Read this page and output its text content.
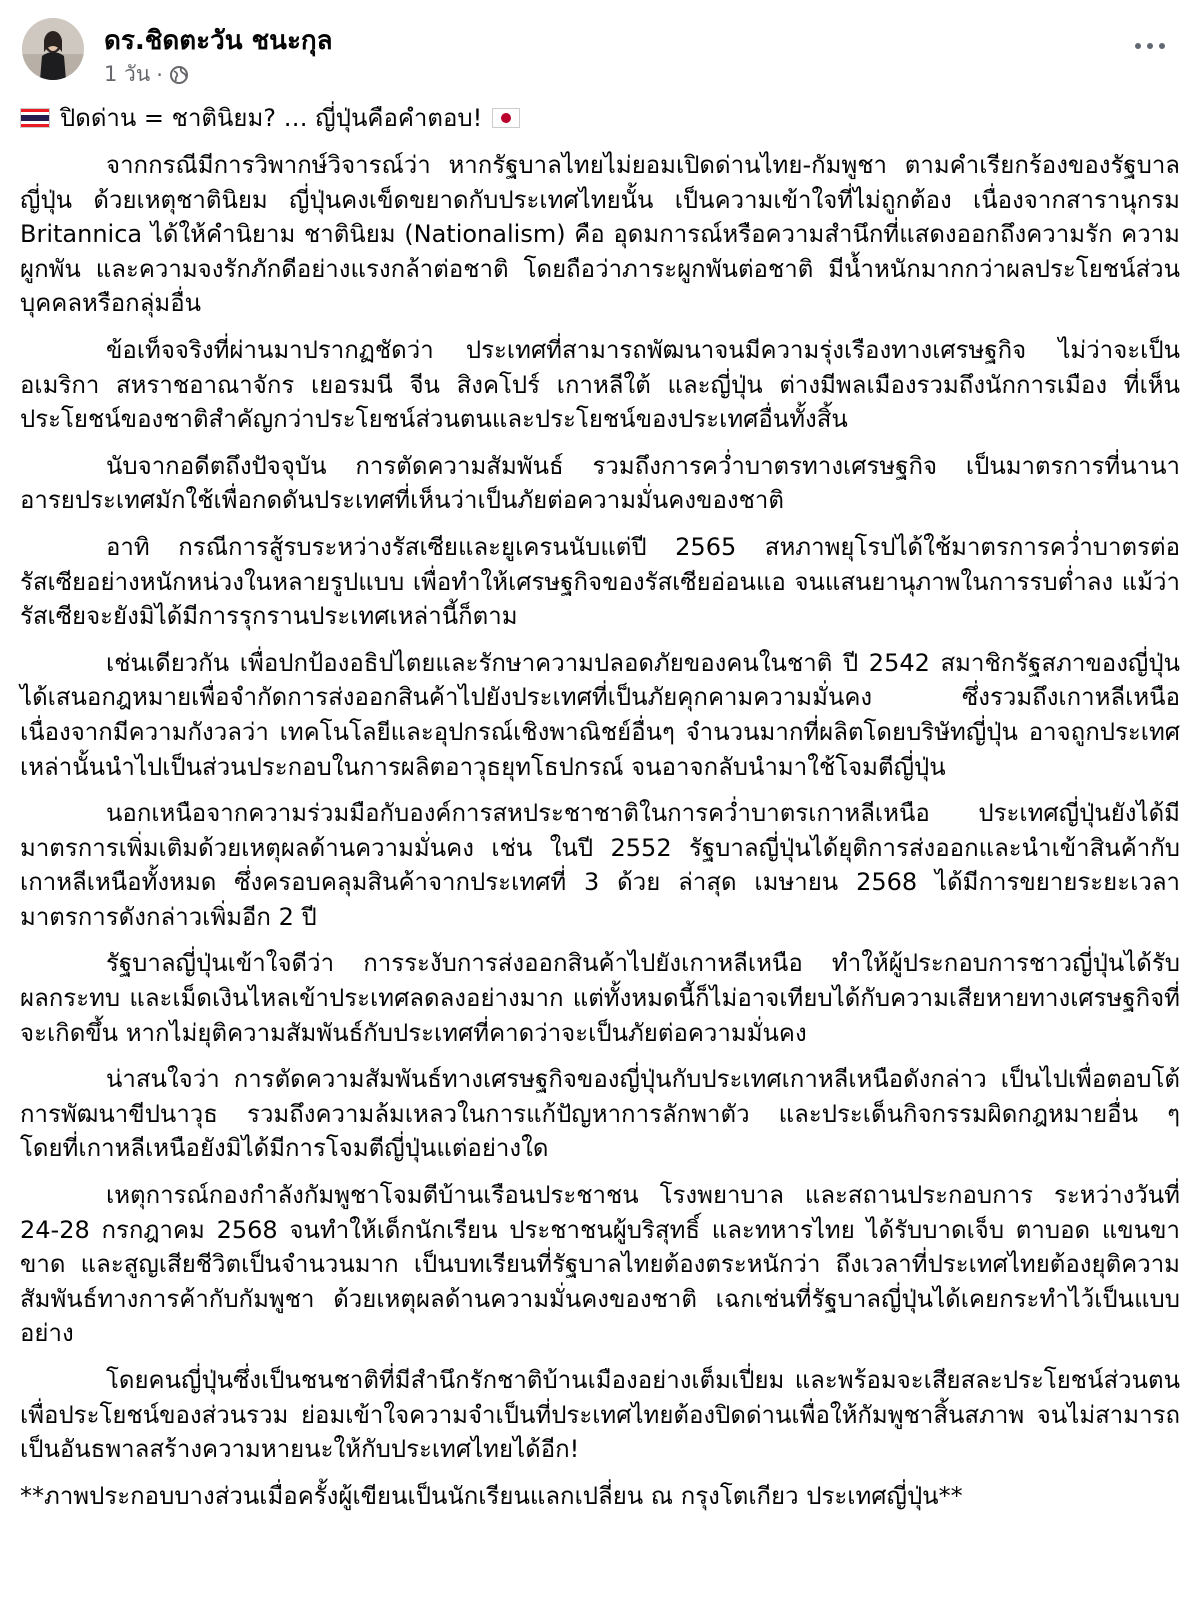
ดร.ชิดตะวัน ชนะกุล
1 วัน ·
ปิดด่าน = ชาตินิยม? … ญี่ปุ่นคือคำตอบ!

จากกรณีมีการวิพากษ์วิจารณ์ว่า หากรัฐบาลไทยไม่ยอมเปิดด่านไทย-กัมพูชา ตามคำเรียกร้องของรัฐบาลญี่ปุ่น ด้วยเหตุชาตินิยม ญี่ปุ่นคงเข็ดขยาดกับประเทศไทยนั้น เป็นความเข้าใจที่ไม่ถูกต้อง เนื่องจากสารานุกรม Britannica ได้ให้คำนิยาม ชาตินิยม (Nationalism) คือ อุดมการณ์หรือความสำนึกที่แสดงออกถึงความรัก ความผูกพัน และความจงรักภักดีอย่างแรงกล้าต่อชาติ โดยถือว่าภาระผูกพันต่อชาติ มีน้ำหนักมากกว่าผลประโยชน์ส่วนบุคคลหรือกลุ่มอื่น

ข้อเท็จจริงที่ผ่านมาปรากฏชัดว่า ประเทศที่สามารถพัฒนาจนมีความรุ่งเรืองทางเศรษฐกิจ ไม่ว่าจะเป็นอเมริกา สหราชอาณาจักร เยอรมนี จีน สิงคโปร์ เกาหลีใต้ และญี่ปุ่น ต่างมีพลเมืองรวมถึงนักการเมือง ที่เห็นประโยชน์ของชาติสำคัญกว่าประโยชน์ส่วนตนและประโยชน์ของประเทศอื่นทั้งสิ้น

นับจากอดีตถึงปัจจุบัน การตัดความสัมพันธ์ รวมถึงการคว่ำบาตรทางเศรษฐกิจ เป็นมาตรการที่นานาอารยประเทศมักใช้เพื่อกดดันประเทศที่เห็นว่าเป็นภัยต่อความมั่นคงของชาติ

อาทิ กรณีการสู้รบระหว่างรัสเซียและยูเครนนับแต่ปี 2565 สหภาพยุโรปได้ใช้มาตรการคว่ำบาตรต่อรัสเซียอย่างหนักหน่วงในหลายรูปแบบ เพื่อทำให้เศรษฐกิจของรัสเซียอ่อนแอ จนแสนยานุภาพในการรบต่ำลง แม้ว่ารัสเซียจะยังมิได้มีการรุกรานประเทศเหล่านี้ก็ตาม

เช่นเดียวกัน เพื่อปกป้องอธิปไตยและรักษาความปลอดภัยของคนในชาติ ปี 2542 สมาชิกรัฐสภาของญี่ปุ่นได้เสนอกฎหมายเพื่อจำกัดการส่งออกสินค้าไปยังประเทศที่เป็นภัยคุกคามความมั่นคง ซึ่งรวมถึงเกาหลีเหนือ เนื่องจากมีความกังวลว่า เทคโนโลยีและอุปกรณ์เชิงพาณิชย์อื่นๆ จำนวนมากที่ผลิตโดยบริษัทญี่ปุ่น อาจถูกประเทศเหล่านั้นนำไปเป็นส่วนประกอบในการผลิตอาวุธยุทโธปกรณ์ จนอาจกลับนำมาใช้โจมตีญี่ปุ่น

นอกเหนือจากความร่วมมือกับองค์การสหประชาชาติในการคว่ำบาตรเกาหลีเหนือ ประเทศญี่ปุ่นยังได้มีมาตรการเพิ่มเติมด้วยเหตุผลด้านความมั่นคง เช่น ในปี 2552 รัฐบาลญี่ปุ่นได้ยุติการส่งออกและนำเข้าสินค้ากับเกาหลีเหนือทั้งหมด ซึ่งครอบคลุมสินค้าจากประเทศที่ 3 ด้วย ล่าสุด เมษายน 2568 ได้มีการขยายระยะเวลามาตรการดังกล่าวเพิ่มอีก 2 ปี

รัฐบาลญี่ปุ่นเข้าใจดีว่า การระงับการส่งออกสินค้าไปยังเกาหลีเหนือ ทำให้ผู้ประกอบการชาวญี่ปุ่นได้รับผลกระทบ และเม็ดเงินไหลเข้าประเทศลดลงอย่างมาก แต่ทั้งหมดนี้ก็ไม่อาจเทียบได้กับความเสียหายทางเศรษฐกิจที่จะเกิดขึ้น หากไม่ยุติความสัมพันธ์กับประเทศที่คาดว่าจะเป็นภัยต่อความมั่นคง

น่าสนใจว่า การตัดความสัมพันธ์ทางเศรษฐกิจของญี่ปุ่นกับประเทศเกาหลีเหนือดังกล่าว เป็นไปเพื่อตอบโต้การพัฒนาขีปนาวุธ รวมถึงความล้มเหลวในการแก้ปัญหาการลักพาตัว และประเด็นกิจกรรมผิดกฎหมายอื่น ๆ โดยที่เกาหลีเหนือยังมิได้มีการโจมตีญี่ปุ่นแต่อย่างใด

เหตุการณ์กองกำลังกัมพูชาโจมตีบ้านเรือนประชาชน โรงพยาบาล และสถานประกอบการ ระหว่างวันที่ 24-28 กรกฎาคม 2568 จนทำให้เด็กนักเรียน ประชาชนผู้บริสุทธิ์ และทหารไทย ได้รับบาดเจ็บ ตาบอด แขนขาขาด และสูญเสียชีวิตเป็นจำนวนมาก เป็นบทเรียนที่รัฐบาลไทยต้องตระหนักว่า ถึงเวลาที่ประเทศไทยต้องยุติความสัมพันธ์ทางการค้ากับกัมพูชา ด้วยเหตุผลด้านความมั่นคงของชาติ เฉกเช่นที่รัฐบาลญี่ปุ่นได้เคยกระทำไว้เป็นแบบอย่าง

โดยคนญี่ปุ่นซึ่งเป็นชนชาติที่มีสำนึกรักชาติบ้านเมืองอย่างเต็มเปี่ยม และพร้อมจะเสียสละประโยชน์ส่วนตน เพื่อประโยชน์ของส่วนรวม ย่อมเข้าใจความจำเป็นที่ประเทศไทยต้องปิดด่านเพื่อให้กัมพูชาสิ้นสภาพ จนไม่สามารถเป็นอันธพาลสร้างความหายนะให้กับประเทศไทยได้อีก!

**ภาพประกอบบางส่วนเมื่อครั้งผู้เขียนเป็นนักเรียนแลกเปลี่ยน ณ กรุงโตเกียว ประเทศญี่ปุ่น**
